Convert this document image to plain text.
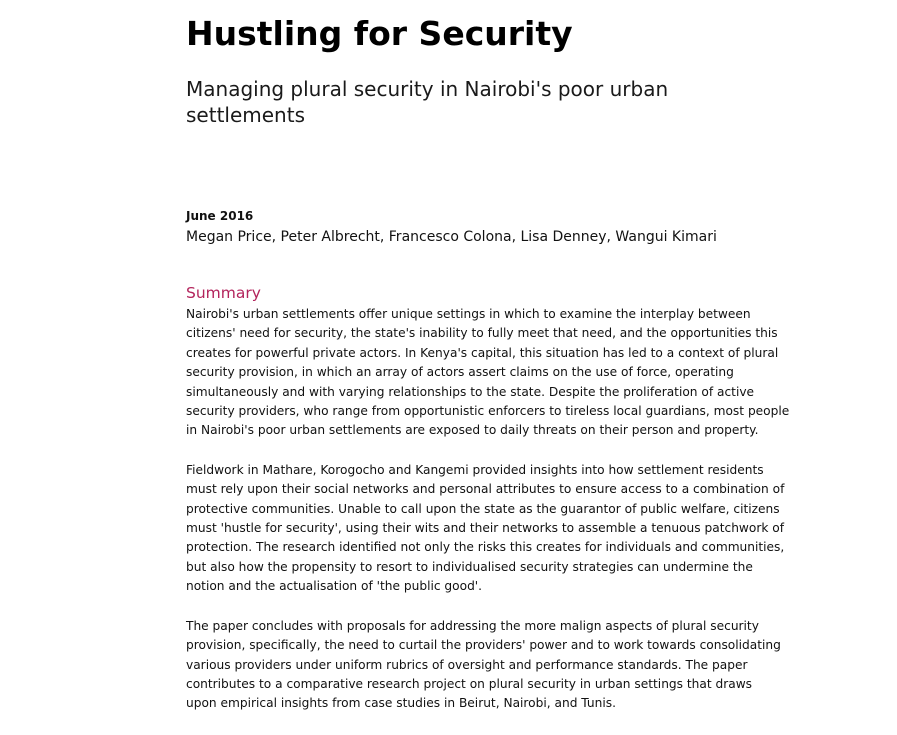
Hustling for Security
Managing plural security in Nairobi's poor urban settlements

June 2016

Megan Price, Peter Albrecht, Francesco Colona, Lisa Denney, Wangui Kimari

Summary

Nairobi's urban settlements offer unique settings in which to examine the interplay between
citizens' need for security, the state's inability to fully meet that need, and the opportunities this
creates for powerful private actors. In Kenya's capital, this situation has led to a context of plural
security provision, in which an array of actors assert claims on the use of force, operating
simultaneously and with varying relationships to the state. Despite the proliferation of active
security providers, who range from opportunistic enforcers to tireless local guardians, most people
in Nairobi's poor urban settlements are exposed to daily threats on their person and property.

Fieldwork in Mathare, Korogocho and Kangemi provided insights into how settlement residents
must rely upon their social networks and personal attributes to ensure access to a combination of
protective communities. Unable to call upon the state as the guarantor of public welfare, citizens
must 'hustle for security', using their wits and their networks to assemble a tenuous patchwork of
protection. The research identified not only the risks this creates for individuals and communities,
but also how the propensity to resort to individualised security strategies can undermine the
notion and the actualisation of 'the public good'.

The paper concludes with proposals for addressing the more malign aspects of plural security
provision, specifically, the need to curtail the providers' power and to work towards consolidating
various providers under uniform rubrics of oversight and performance standards. The paper
contributes to a comparative research project on plural security in urban settings that draws
upon empirical insights from case studies in Beirut, Nairobi, and Tunis.
